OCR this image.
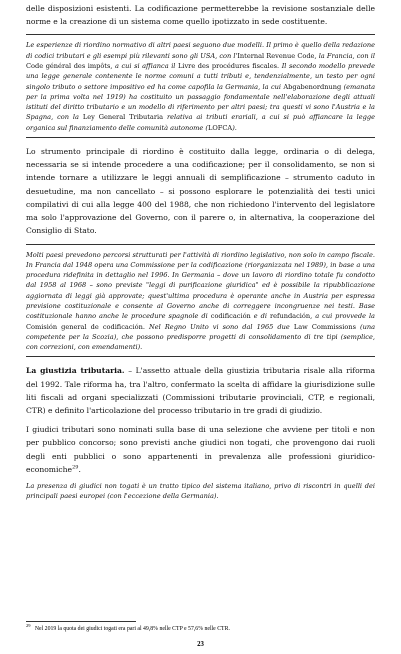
delle disposizioni esistenti. La codificazione permetterebbe la revisione sostanziale delle norme e la creazione di un sistema come quello ipotizzato in sede costituente.

Le esperienze di riordino normativo di altri paesi seguono due modelli. Il primo è quello della redazione di codici tributari e gli esempi più rilevanti sono gli USA, con l'Internal Revenue Code, la Francia, con il Code général des impôts, a cui si affianca il Livre des procédures fiscales. Il secondo modello prevede una legge generale contenente le norme comuni a tutti tributi e, tendenzialmente, un testo per ogni singolo tributo o settore impositivo ed ha come capofila la Germania, la cui Abgabenordnung (emanata per la prima volta nel 1919) ha costituito un passaggio fondamentale nell'elaborazione degli attuali istituti del diritto tributario e un modello di riferimento per altri paesi; tra questi vi sono l'Austria e la Spagna, con la Ley General Tributaria relativa ai tributi erariali, a cui si può affiancare la legge organica sul finanziamento delle comunità autonome (LOFCA).

Lo strumento principale di riordino è costituito dalla legge, ordinaria o di delega, necessaria se si intende procedere a una codificazione; per il consolidamento, se non si intende tornare a utilizzare le leggi annuali di semplificazione – strumento caduto in desuetudine, ma non cancellato – si possono esplorare le potenzialità dei testi unici compilativi di cui alla legge 400 del 1988, che non richiedono l'intervento del legislatore ma solo l'approvazione del Governo, con il parere o, in alternativa, la cooperazione del Consiglio di Stato.

Molti paesi prevedono percorsi strutturati per l'attività di riordino legislativo, non solo in campo fiscale. In Francia dal 1948 opera una Commissione per la codificazione (riorganizzata nel 1989), in base a una procedura ridefinita in dettaglio nel 1996. In Germania – dove un lavoro di riordino totale fu condotto dal 1958 al 1968 – sono previste "leggi di purificazione giuridica" ed è possibile la ripubblicazione aggiornata di leggi già approvate; quest'ultima procedura è operante anche in Austria per espressa previsione costituzionale e consente al Governo anche di correggere incongruenze nei testi. Base costituzionale hanno anche le procedure spagnole di codificación e di refundación, a cui provvede la Comisión general de codificación. Nel Regno Unito vi sono dal 1965 due Law Commissions (una competente per la Scozia), che possono predisporre progetti di consolidamento di tre tipi (semplice, con correzioni, con emendamenti).

La giustizia tributaria. – L'assetto attuale della giustizia tributaria risale alla riforma del 1992. Tale riforma ha, tra l'altro, confermato la scelta di affidare la giurisdizione sulle liti fiscali ad organi specializzati (Commissioni tributarie provinciali, CTP, e regionali, CTR) e definito l'articolazione del processo tributario in tre gradi di giudizio.

I giudici tributari sono nominati sulla base di una selezione che avviene per titoli e non per pubblico concorso; sono previsti anche giudici non togati, che provengono dai ruoli degli enti pubblici o sono appartenenti in prevalenza alle professioni giuridico-economiche$^{29}$.

La presenza di giudici non togati è un tratto tipico del sistema italiano, privo di riscontri in quelli dei principali paesi europei (con l'eccezione della Germania).

$^{29}$   Nel 2019 la quota dei giudici togati era pari al 49,8% nelle CTP e 57,6% nelle CTR.
23
